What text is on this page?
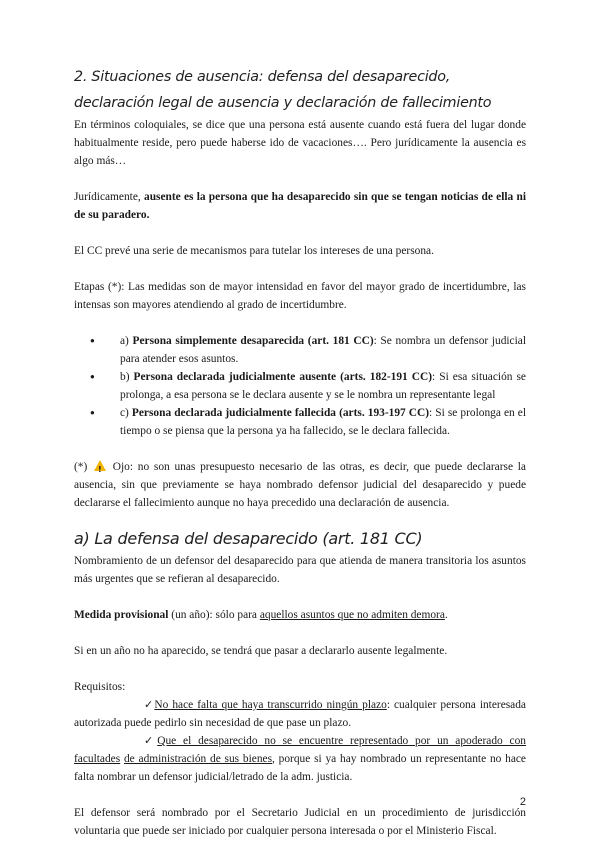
2. Situaciones de ausencia: defensa del desaparecido, declaración legal de ausencia y declaración de fallecimiento

En términos coloquiales, se dice que una persona está ausente cuando está fuera del lugar donde habitualmente reside, pero puede haberse ido de vacaciones…. Pero jurídicamente la ausencia es algo más…

Jurídicamente, ausente es la persona que ha desaparecido sin que se tengan noticias de ella ni de su paradero.

El CC prevé una serie de mecanismos para tutelar los intereses de una persona.

Etapas (*): Las medidas son de mayor intensidad en favor del mayor grado de incertidumbre, las intensas son mayores atendiendo al grado de incertidumbre.

● a) Persona simplemente desaparecida (art. 181 CC): Se nombra un defensor judicial para atender esos asuntos.
● b) Persona declarada judicialmente ausente (arts. 182-191 CC): Si esa situación se prolonga, a esa persona se le declara ausente y se le nombra un representante legal
● c) Persona declarada judicialmente fallecida (arts. 193-197 CC): Si se prolonga en el tiempo o se piensa que la persona ya ha fallecido, se le declara fallecida.

(*) ! Ojo: no son unas presupuesto necesario de las otras, es decir, que puede declararse la ausencia, sin que previamente se haya nombrado defensor judicial del desaparecido y puede declararse el fallecimiento aunque no haya precedido una declaración de ausencia.

a) La defensa del desaparecido (art. 181 CC)

Nombramiento de un defensor del desaparecido para que atienda de manera transitoria los asuntos más urgentes que se refieran al desaparecido.

Medida provisional (un año): sólo para aquellos asuntos que no admiten demora.

Si en un año no ha aparecido, se tendrá que pasar a declararlo ausente legalmente.

Requisitos:

✓No hace falta que haya transcurrido ningún plazo: cualquier persona interesada autorizada puede pedirlo sin necesidad de que pase un plazo.

✓Que el desaparecido no se encuentre representado por un apoderado con facultades de administración de sus bienes, porque si ya hay nombrado un representante no hace falta nombrar un defensor judicial/letrado de la adm. justicia.

El defensor será nombrado por el Secretario Judicial en un procedimiento de jurisdicción voluntaria que puede ser iniciado por cualquier persona interesada o por el Ministerio Fiscal.

2
